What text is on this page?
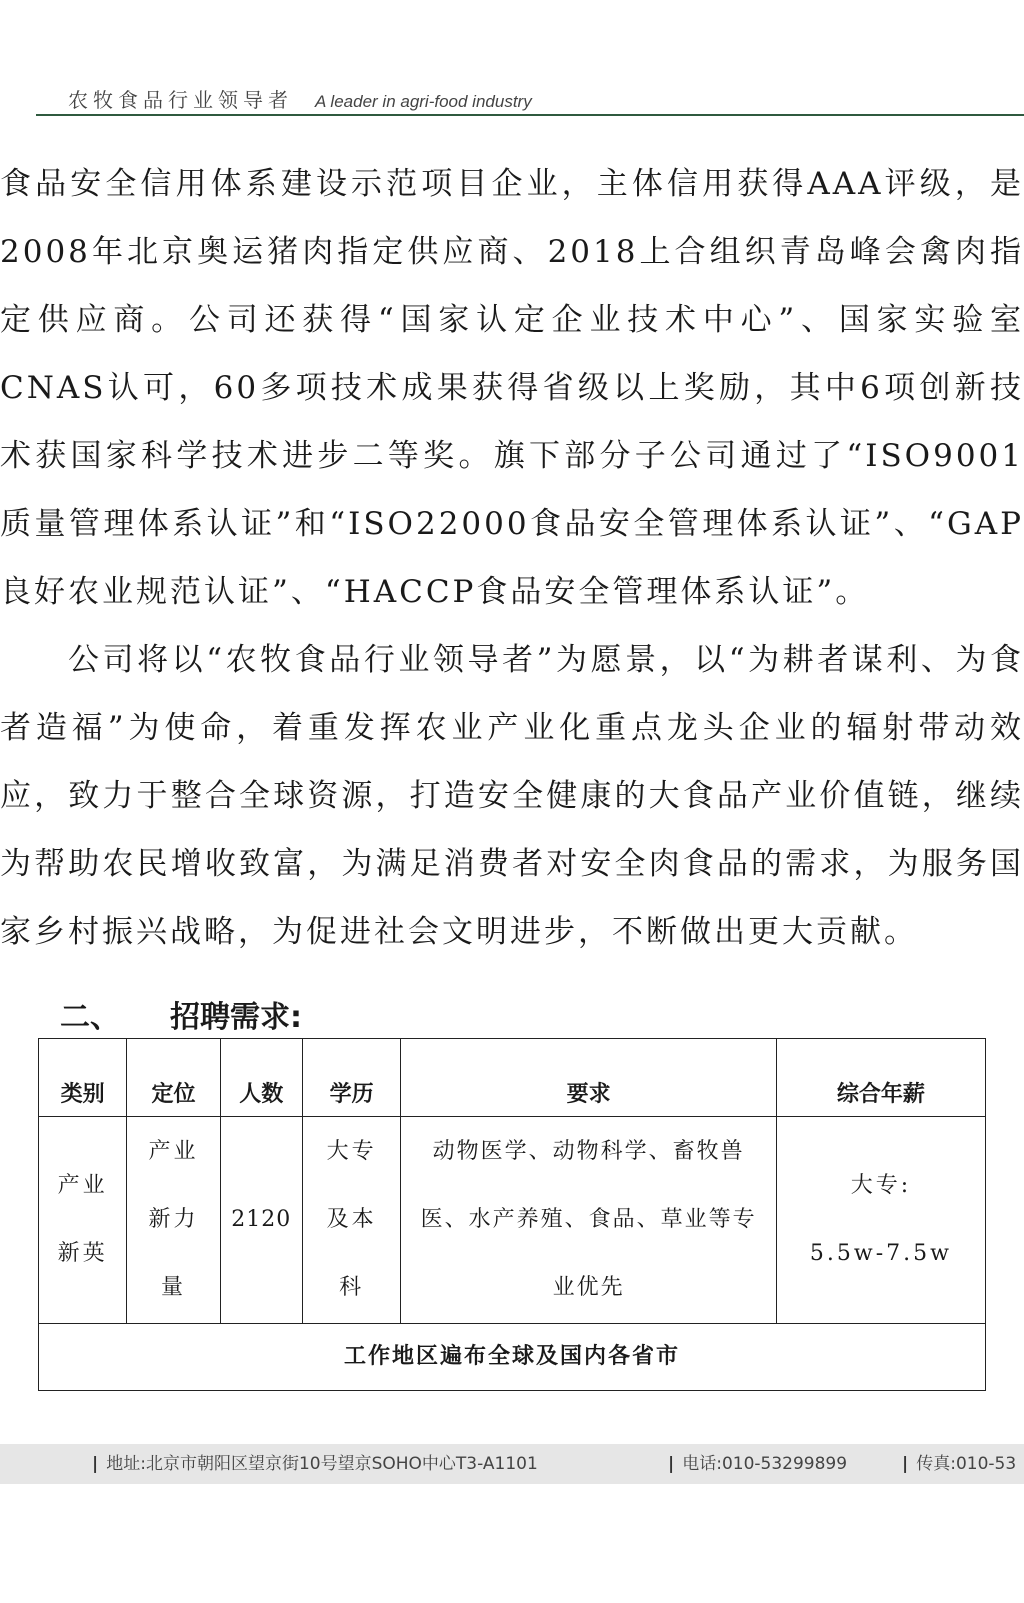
农牧食品行业领导者 A leader in agri-food industry

食品安全信用体系建设示范项目企业，主体信用获得AAA评级，是2008年北京奥运猪肉指定供应商、2018上合组织青岛峰会禽肉指定供应商。公司还获得“国家认定企业技术中心”、国家实验室CNAS认可，60多项技术成果获得省级以上奖励，其中6项创新技术获国家科学技术进步二等奖。旗下部分子公司通过了“ISO9001质量管理体系认证”和“ISO22000食品安全管理体系认证”、“GAP良好农业规范认证”、“HACCP食品安全管理体系认证”。

公司将以“农牧食品行业领导者”为愿景，以“为耕者谋利、为食者造福”为使命，着重发挥农业产业化重点龙头企业的辐射带动效应，致力于整合全球资源，打造安全健康的大食品产业价值链，继续为帮助农民增收致富，为满足消费者对安全肉食品的需求，为服务国家乡村振兴战略，为促进社会文明进步，不断做出更大贡献。

二、 招聘需求:
类别	定位	人数	学历	要求	综合年薪
产业新英	产业新力量	2120	大专及本科	动物医学、动物科学、畜牧兽医、水产养殖、食品、草业等专业优先	大专:
5.5w-7.5w

工作地区遍布全球及国内各省市					
| 地址:北京市朝阳区望京街10号望京SOHO中心T3-A1101	| 电话:010-53299899	| 传真:010-53
